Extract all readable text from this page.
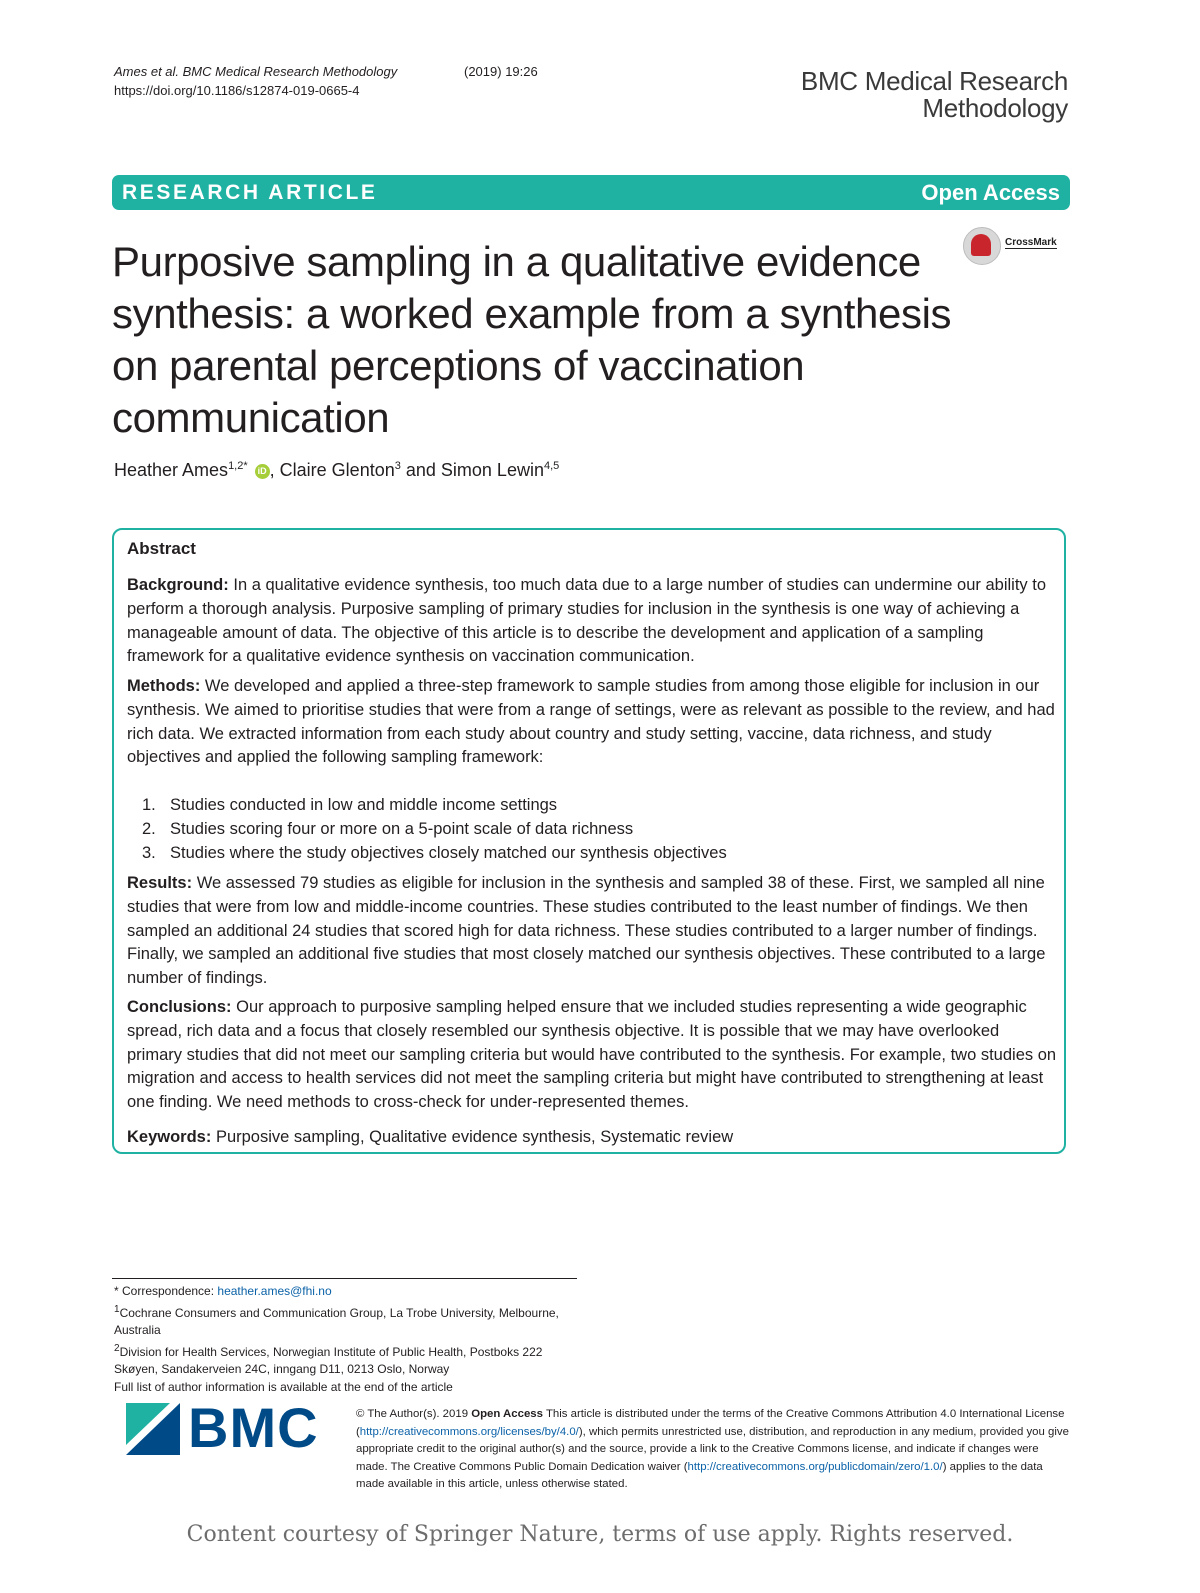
Ames et al. BMC Medical Research Methodology	(2019) 19:26
https://doi.org/10.1186/s12874-019-0665-4	BMC Medical Research
Methodology
RESEARCH ARTICLE	Open Access
CrossMark
Purposive sampling in a qualitative evidence synthesis: a worked example from a synthesis on parental perceptions of vaccination communication
Heather Ames$^{1,2*}$ iD , Claire Glenton$^3$ and Simon Lewin$^{4,5}$
Abstract
Background: In a qualitative evidence synthesis, too much data due to a large number of studies can undermine our ability to perform a thorough analysis. Purposive sampling of primary studies for inclusion in the synthesis is one way of achieving a manageable amount of data. The objective of this article is to describe the development and application of a sampling framework for a qualitative evidence synthesis on vaccination communication.
Methods: We developed and applied a three-step framework to sample studies from among those eligible for inclusion in our synthesis. We aimed to prioritise studies that were from a range of settings, were as relevant as possible to the review, and had rich data. We extracted information from each study about country and study setting, vaccine, data richness, and study objectives and applied the following sampling framework:
1. Studies conducted in low and middle income settings
2. Studies scoring four or more on a 5-point scale of data richness
3. Studies where the study objectives closely matched our synthesis objectives
Results: We assessed 79 studies as eligible for inclusion in the synthesis and sampled 38 of these. First, we sampled all nine studies that were from low and middle-income countries. These studies contributed to the least number of findings. We then sampled an additional 24 studies that scored high for data richness. These studies contributed to a larger number of findings. Finally, we sampled an additional five studies that most closely matched our synthesis objectives. These contributed to a large number of findings.
Conclusions: Our approach to purposive sampling helped ensure that we included studies representing a wide geographic spread, rich data and a focus that closely resembled our synthesis objective. It is possible that we may have overlooked primary studies that did not meet our sampling criteria but would have contributed to the synthesis. For example, two studies on migration and access to health services did not meet the sampling criteria but might have contributed to strengthening at least one finding. We need methods to cross-check for under-represented themes.
Keywords: Purposive sampling, Qualitative evidence synthesis, Systematic review
* Correspondence: heather.ames@fhi.no
$^1$Cochrane Consumers and Communication Group, La Trobe University, Melbourne, Australia
$^2$Division for Health Services, Norwegian Institute of Public Health, Postboks 222 Skøyen, Sandakerveien 24C, inngang D11, 0213 Oslo, Norway
Full list of author information is available at the end of the article
BMC	© The Author(s). 2019 Open Access This article is distributed under the terms of the Creative Commons Attribution 4.0 International License (http://creativecommons.org/licenses/by/4.0/), which permits unrestricted use, distribution, and reproduction in any medium, provided you give appropriate credit to the original author(s) and the source, provide a link to the Creative Commons license, and indicate if changes were made. The Creative Commons Public Domain Dedication waiver (http://creativecommons.org/publicdomain/zero/1.0/) applies to the data made available in this article, unless otherwise stated.
Content courtesy of Springer Nature, terms of use apply. Rights reserved.
